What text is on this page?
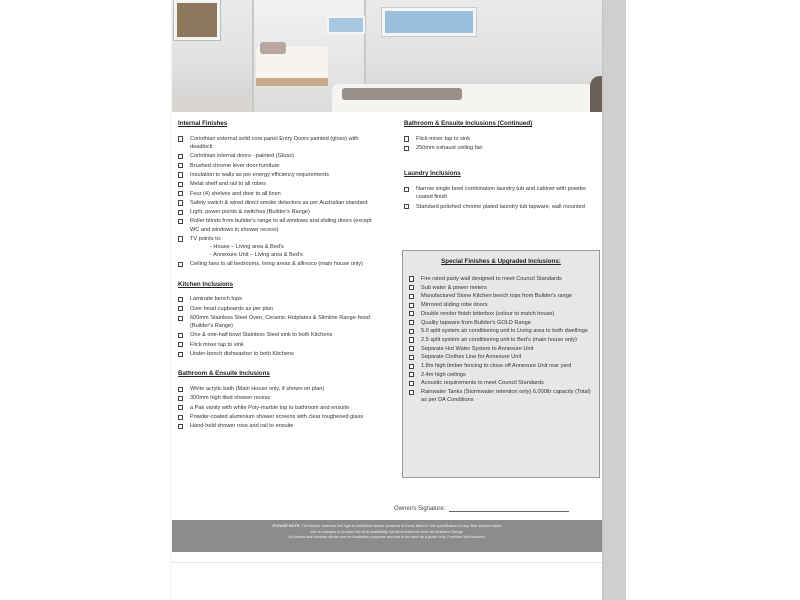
Internal Finishes
Corinthian external solid core panel Entry Doors painted (gloss) with deadlock
Corinthian internal doors - painted (Gloss)
Brushed chrome lever door furniture
Insulation to walls as per energy efficiency requirements
Metal shelf and rail to all robes
Four (4) shelves and door to all linen
Safety switch & wired direct smoke detectors as per Australian standard
Light, power points & switches (Builder's Range)
Roller blinds from builder's range to all windows and sliding doors (except WC and windows in shower recess)
TV points to:
- House – Living area & Bed's
- Annexure Unit – Living area & Bed's
Ceiling fans to all bedrooms, living areas & alfresco (main house only)
Kitchen Inclusions
Laminate bench tops
Over head cupboards as per plan
600mm Stainless Steel Oven, Ceramic Hotplates & Slimline Range-hood (Builder's Range)
One & one-half bowl Stainless Steel sink to both Kitchens
Flick mixer tap to sink
Under-bench dishwasher to both Kitchens
Bathroom & Ensuite Inclusions
White acrylic bath (Main House only, if shown on plan)
300mm high tiled shower recess
a Pak vanity with white Poly-marble top to bathroom and ensuite
Powder-coated aluminium shower screens with clear toughened glass
Hand-held shower rose and rail to ensuite
Bathroom & Ensuite Inclusions (Continued)
Flick-mixer tap to sink
250mm exhaust ceiling fan
Laundry Inclusions
Narrow single bowl combination laundry tub and cabinet with powder coated finish
Standard polished chrome plated laundry tub tapware, wall mounted
Special Finishes & Upgraded Inclusions:
Fire rated party wall designed to meet Council Standards
Sub water & power meters
Manufactured Stone Kitchen bench tops from Builder's range
Mirrored sliding robe doors
Double render finish letterbox (colour to match house)
Quality tapware from Builder's GOLD Range
5.0 split system air conditioning unit to Living area to both dwellings
2.5 split system air conditioning unit to Bed's (main house only)
Separate Hot Water System to Annexure Unit
Separate Clothes Line for Annexure Unit
1.8m high timber fencing to close off Annexure Unit rear yard
2.4m high ceilings
Acoustic requirements to meet Council Standards
Rainwater Tanks (Stormwater retention only) 6,000ltr capacity (Total) as per DA Conditions
Owner/s Signature:
PLEASE NOTE: The builder reserves the right to substitute similar products to those listed in this specification of any item without notice
due to changes in product line &/or availability. All items listed are from the Builder's Range.
All photos and furniture shown are for illustrative purposes and are to be used as a guide only. Furniture Not included.
